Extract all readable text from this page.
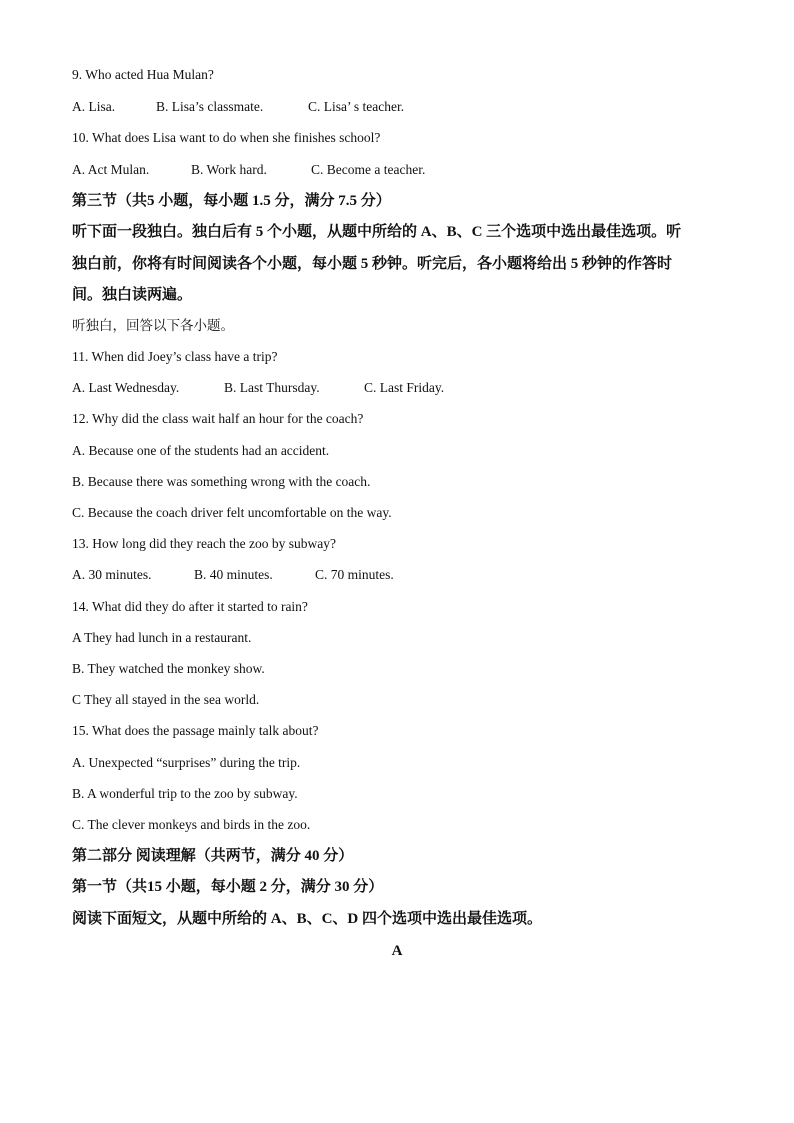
9. Who acted Hua Mulan?
A. Lisa.	B. Lisa’s classmate.	C. Lisa’ s teacher.
10. What does Lisa want to do when she finishes school?
A. Act Mulan.	B. Work hard.	C. Become a teacher.
第三节（共5 小题，每小题 1.5 分，满分 7.5 分）
听下面一段独白。独白后有 5 个小题，从题中所给的 A、B、C 三个选项中选出最佳选项。听
独白前，你将有时间阅读各个小题，每小题 5 秒钟。听完后，各小题将给出 5 秒钟的作答时
间。独白读两遍。
听独白，回答以下各小题。
11. When did Joey’s class have a trip?
A. Last Wednesday.	B. Last Thursday.	C. Last Friday.
12. Why did the class wait half an hour for the coach?
A. Because one of the students had an accident.
B. Because there was something wrong with the coach.
C. Because the coach driver felt uncomfortable on the way.
13. How long did they reach the zoo by subway?
A. 30 minutes.	B. 40 minutes.	C. 70 minutes.
14. What did they do after it started to rain?
A They had lunch in a restaurant.
B. They watched the monkey show.
C They all stayed in the sea world.
15. What does the passage mainly talk about?
A. Unexpected “surprises” during the trip.
B. A wonderful trip to the zoo by subway.
C. The clever monkeys and birds in the zoo.
第二部分 阅读理解（共两节，满分 40 分）
第一节（共15 小题，每小题 2 分，满分 30 分）
阅读下面短文，从题中所给的 A、B、C、D 四个选项中选出最佳选项。
A
